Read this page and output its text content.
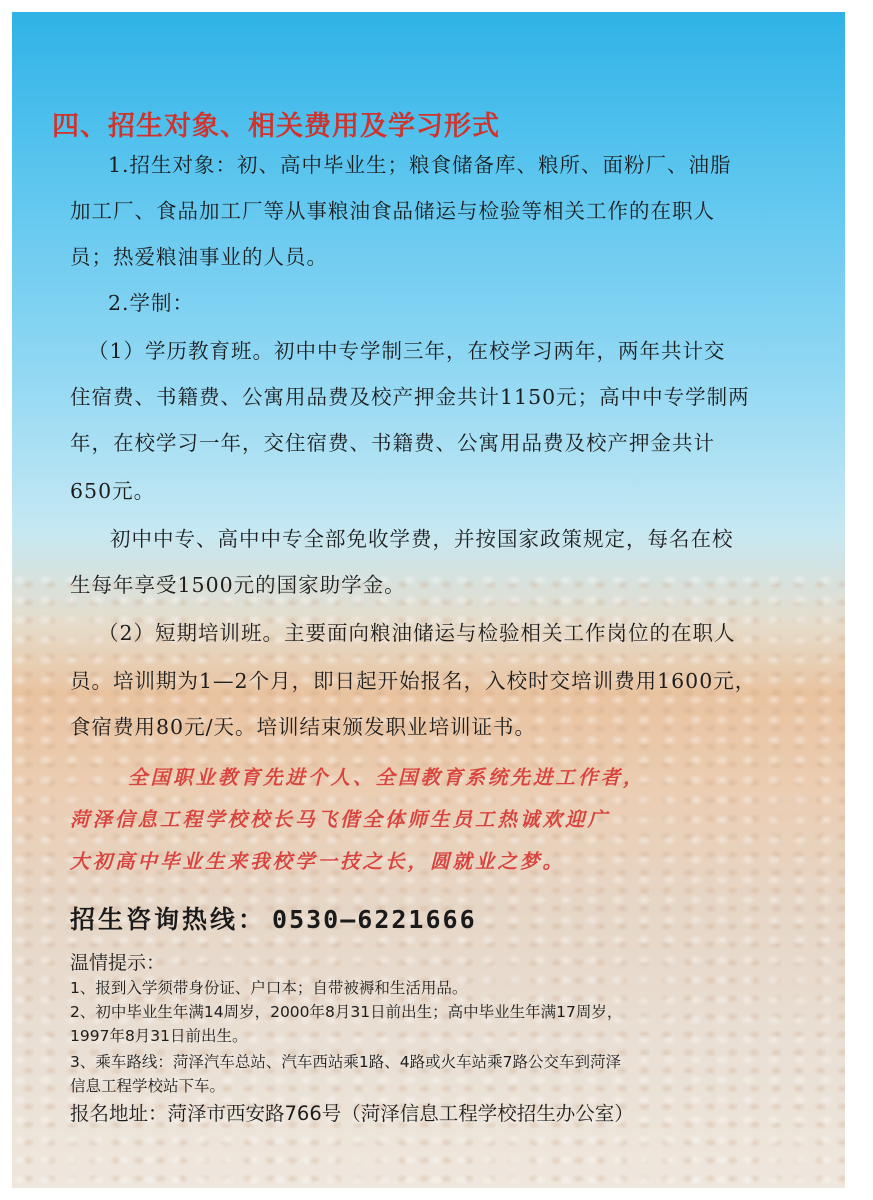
四、招生对象、相关费用及学习形式

1.招生对象：初、高中毕业生；粮食储备库、粮所、面粉厂、油脂

加工厂、食品加工厂等从事粮油食品储运与检验等相关工作的在职人

员；热爱粮油事业的人员。

2.学制：

（1）学历教育班。初中中专学制三年，在校学习两年，两年共计交

住宿费、书籍费、公寓用品费及校产押金共计1150元；高中中专学制两

年，在校学习一年，交住宿费、书籍费、公寓用品费及校产押金共计

650元。

初中中专、高中中专全部免收学费，并按国家政策规定，每名在校

生每年享受1500元的国家助学金。

（2）短期培训班。主要面向粮油储运与检验相关工作岗位的在职人

员。培训期为1—2个月，即日起开始报名，入校时交培训费用1600元，

食宿费用80元/天。培训结束颁发职业培训证书。

全国职业教育先进个人、全国教育系统先进工作者，

菏泽信息工程学校校长马飞偕全体师生员工热诚欢迎广

大初高中毕业生来我校学一技之长，圆就业之梦。

招生咨询热线： 0530—6221666

温情提示：

1、报到入学须带身份证、户口本；自带被褥和生活用品。

2、初中毕业生年满14周岁，2000年8月31日前出生；高中毕业生年满17周岁，

1997年8月31日前出生。

3、乘车路线：菏泽汽车总站、汽车西站乘1路、4路或火车站乘7路公交车到菏泽

信息工程学校站下车。

报名地址：菏泽市西安路766号（菏泽信息工程学校招生办公室）
